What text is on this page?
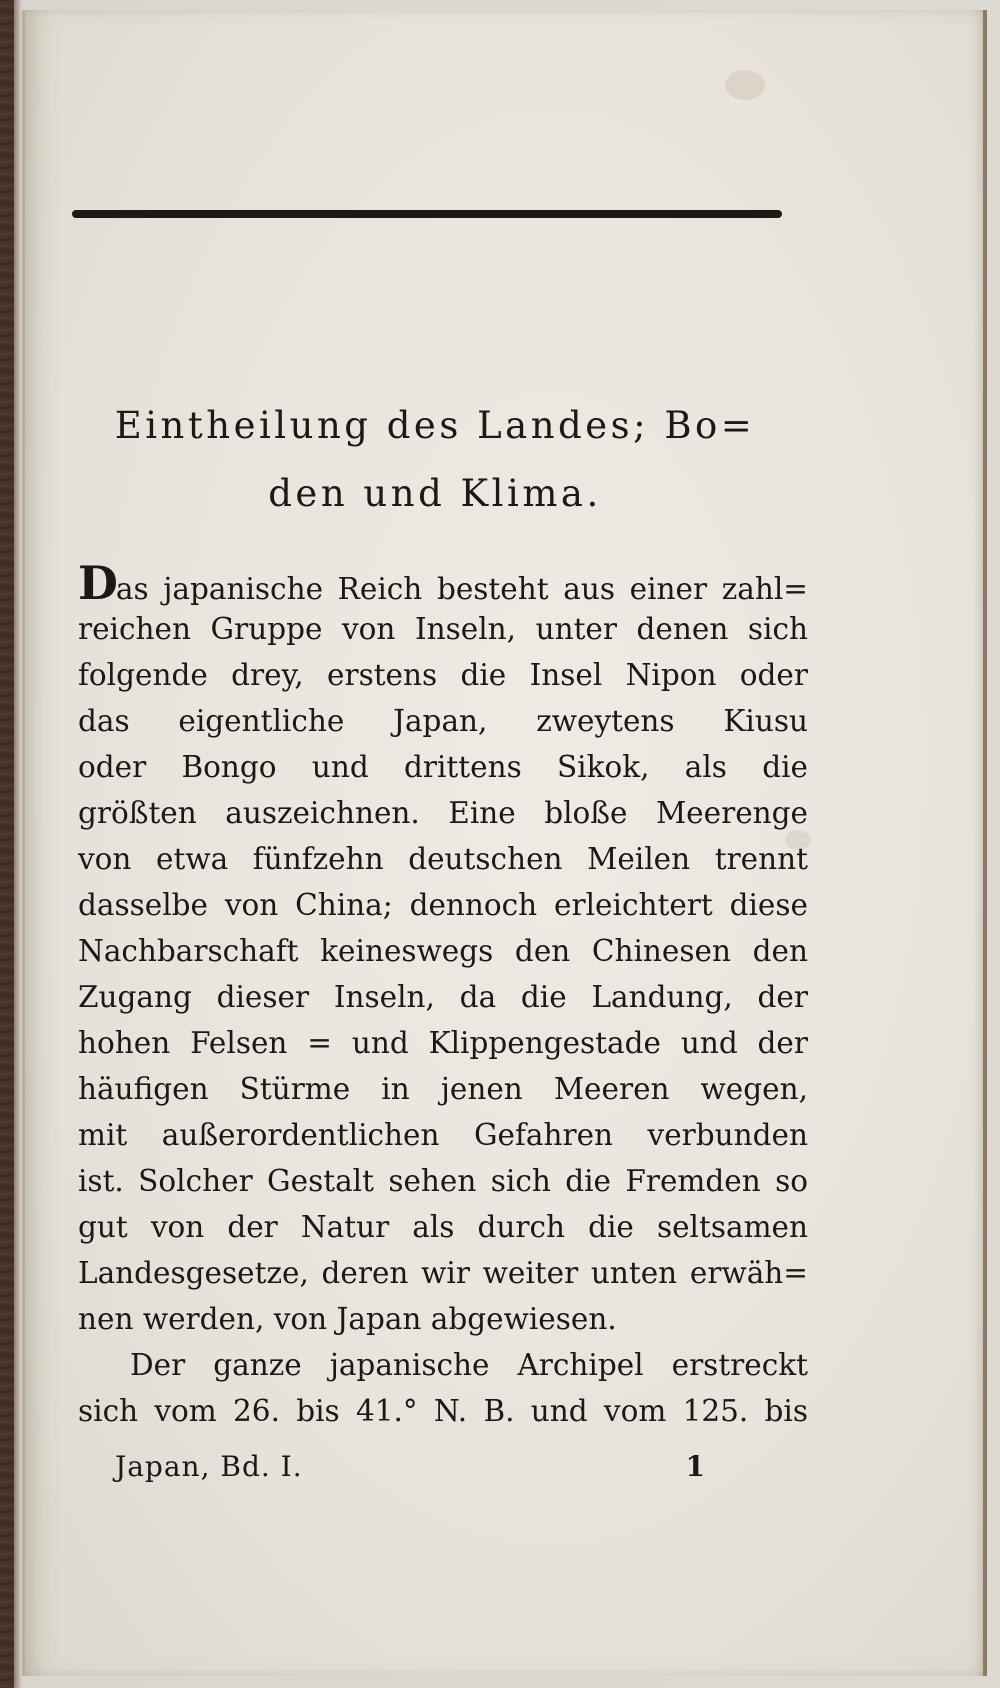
Eintheilung des Landes; Bo=
den und Klima.
Das japanische Reich besteht aus einer zahl=
reichen Gruppe von Inseln, unter denen sich
folgende drey, erstens die Insel Nipon oder
das eigentliche Japan, zweytens Kiusu
oder Bongo und drittens Sikok, als die
größten auszeichnen. Eine bloße Meerenge
von etwa fünfzehn deutschen Meilen trennt
dasselbe von China; dennoch erleichtert diese
Nachbarschaft keineswegs den Chinesen den
Zugang dieser Inseln, da die Landung, der
hohen Felsen = und Klippengestade und der
häufigen Stürme in jenen Meeren wegen,
mit außerordentlichen Gefahren verbunden
ist. Solcher Gestalt sehen sich die Fremden so
gut von der Natur als durch die seltsamen
Landesgesetze, deren wir weiter unten erwäh=
nen werden, von Japan abgewiesen.
Der ganze japanische Archipel erstreckt
sich vom 26. bis 41.° N. B. und vom 125. bis
Japan, Bd. I.	1
